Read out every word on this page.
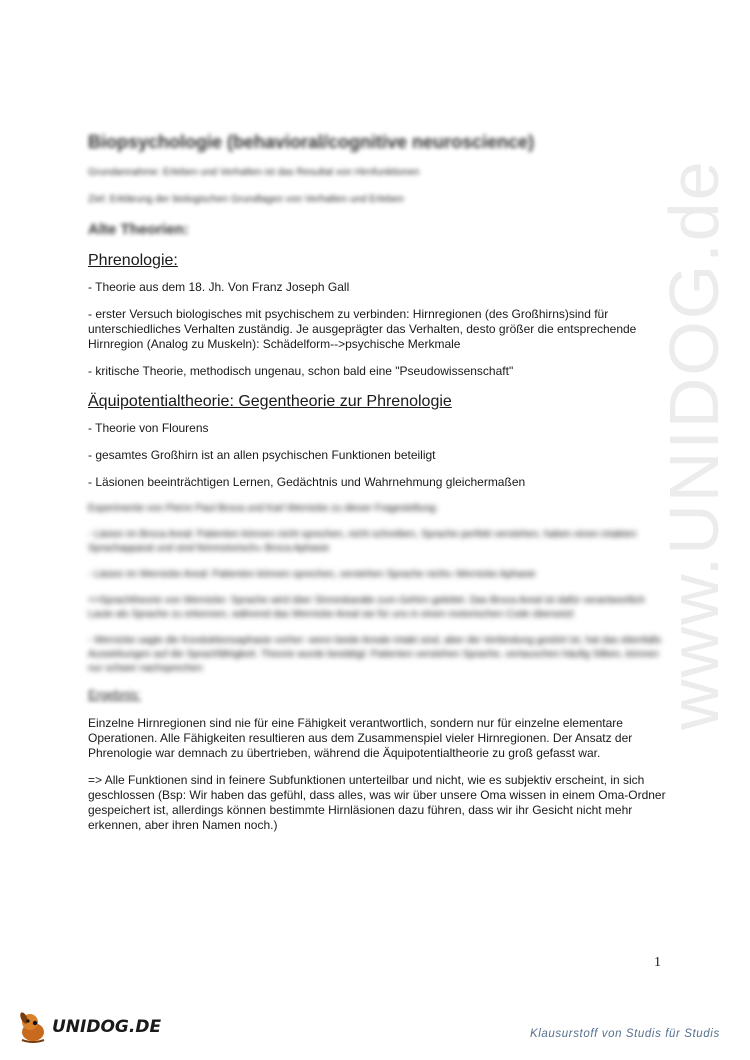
www.UNIDOG.de
Biopsychologie (behavioral/cognitive neuroscience)

Grundannahme: Erleben und Verhalten ist das Resultat von Hirnfunktionen

Ziel: Erklärung der biologischen Grundlagen von Verhalten und Erleben

Alte Theorien:
Phrenologie:

- Theorie aus dem 18. Jh. Von Franz Joseph Gall

- erster Versuch biologisches mit psychischem zu verbinden: Hirnregionen (des Großhirns)sind für unterschiedliches Verhalten zuständig. Je ausgeprägter das Verhalten, desto größer die entsprechende Hirnregion (Analog zu Muskeln): Schädelform-->psychische Merkmale

- kritische Theorie, methodisch ungenau, schon bald eine "Pseudowissenschaft"

Äquipotentialtheorie: Gegentheorie zur Phrenologie

- Theorie von Flourens

- gesamtes Großhirn ist an allen psychischen Funktionen beteiligt

- Läsionen beeinträchtigen Lernen, Gedächtnis und Wahrnehmung gleichermaßen

Experimente von Pierre Paul Broca und Karl Wernicke zu dieser Fragestellung:

- Läsion im Broca Areal: Patienten können nicht sprechen, nicht schreiben, Sprache perfekt verstehen, haben einen intakten Sprachapparat und sind feinmotorisch» Broca Aphasie

- Läsion im Wernicke Areal: Patienten können sprechen, verstehen Sprache nicht» Wernicke Aphasie

=>Sprachtheorie von Wernicke: Sprache wird über Sinneskanäle zum Gehirn geleitet. Das Broca Areal ist dafür verantwortlich Laute als Sprache zu erkennen, während das Wernicke Areal sie für uns in einen motorischen Code übersetzt

- Wernicke sagte die Konduktionsaphasie vorher: wenn beide Areale intakt sind, aber die Verbindung gestört ist, hat das ebenfalls Auswirkungen auf die Sprachfähigkeit. Theorie wurde bestätigt: Patienten verstehen Sprache, vertauschen häufig Silben, können nur schwer nachsprechen

Ergebnis:

Einzelne Hirnregionen sind nie für eine Fähigkeit verantwortlich, sondern nur für einzelne elementare Operationen. Alle Fähigkeiten resultieren aus dem Zusammenspiel vieler Hirnregionen. Der Ansatz der Phrenologie war demnach zu übertrieben, während die Äquipotentialtheorie zu groß gefasst war.

=> Alle Funktionen sind in feinere Subfunktionen unterteilbar und nicht, wie es subjektiv erscheint, in sich geschlossen (Bsp: Wir haben das gefühl, dass alles, was wir über unsere Oma wissen in einem Oma-Ordner gespeichert ist, allerdings können bestimmte Hirnläsionen dazu führen, dass wir ihr Gesicht nicht mehr erkennen, aber ihren Namen noch.)

1
UNIDOG.DE	Klausurstoff von Studis für Studis
